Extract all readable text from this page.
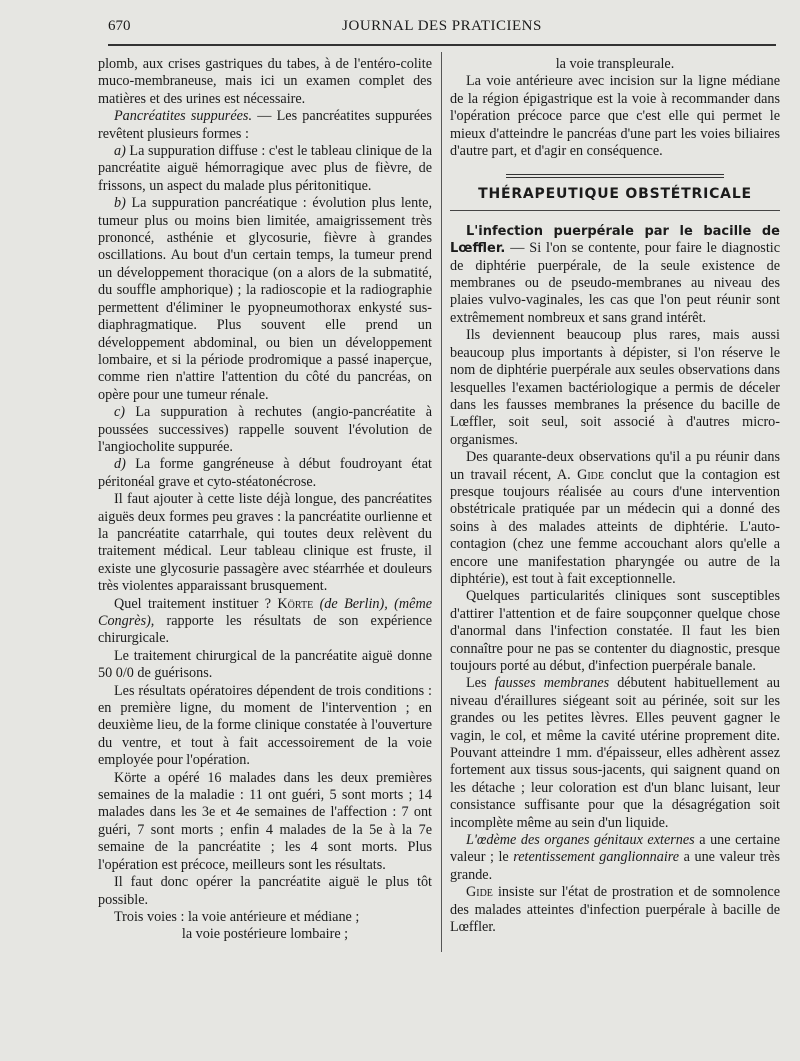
670	JOURNAL DES PRATICIENS

plomb, aux crises gastriques du tabes, à de l'entéro-colite muco-membraneuse, mais ici un examen complet des matières et des urines est nécessaire.

Pancréatites suppurées. — Les pancréatites suppurées revêtent plusieurs formes :

a) La suppuration diffuse : c'est le tableau clinique de la pancréatite aiguë hémorragique avec plus de fièvre, de frissons, un aspect du malade plus péritonitique.

b) La suppuration pancréatique : évolution plus lente, tumeur plus ou moins bien limitée, amaigrissement très prononcé, asthénie et glycosurie, fièvre à grandes oscillations. Au bout d'un certain temps, la tumeur prend un développement thoracique (on a alors de la submatité, du souffle amphorique) ; la radioscopie et la radiographie permettent d'éliminer le pyopneumothorax enkysté sus-diaphragmatique. Plus souvent elle prend un développement abdominal, ou bien un développement lombaire, et si la période prodromique a passé inaperçue, comme rien n'attire l'attention du côté du pancréas, on opère pour une tumeur rénale.

c) La suppuration à rechutes (angio-pancréatite à poussées successives) rappelle souvent l'évolution de l'angiocholite suppurée.

d) La forme gangréneuse à début foudroyant état péritonéal grave et cyto-stéatonécrose.

Il faut ajouter à cette liste déjà longue, des pancréatites aiguës deux formes peu graves : la pancréatite ourlienne et la pancréatite catarrhale, qui toutes deux relèvent du traitement médical. Leur tableau clinique est fruste, il existe une glycosurie passagère avec stéarrhée et douleurs très violentes apparaissant brusquement.

Quel traitement instituer ? Körte (de Berlin), (même Congrès), rapporte les résultats de son expérience chirurgicale.

Le traitement chirurgical de la pancréatite aiguë donne 50 0/0 de guérisons.

Les résultats opératoires dépendent de trois conditions : en première ligne, du moment de l'intervention ; en deuxième lieu, de la forme clinique constatée à l'ouverture du ventre, et tout à fait accessoirement de la voie employée pour l'opération.

Körte a opéré 16 malades dans les deux premières semaines de la maladie : 11 ont guéri, 5 sont morts ; 14 malades dans les 3e et 4e semaines de l'affection : 7 ont guéri, 7 sont morts ; enfin 4 malades de la 5e à la 7e semaine de la pancréatite ; les 4 sont morts. Plus l'opération est précoce, meilleurs sont les résultats.

Il faut donc opérer la pancréatite aiguë le plus tôt possible.

Trois voies : la voie antérieure et médiane ;

la voie postérieure lombaire ;

la voie transpleurale.

La voie antérieure avec incision sur la ligne médiane de la région épigastrique est la voie à recommander dans l'opération précoce parce que c'est elle qui permet le mieux d'atteindre le pancréas d'une part les voies biliaires d'autre part, et d'agir en conséquence.

THÉRAPEUTIQUE OBSTÉTRICALE

L'infection puerpérale par le bacille de Lœffler. — Si l'on se contente, pour faire le diagnostic de diphtérie puerpérale, de la seule existence de membranes ou de pseudo-membranes au niveau des plaies vulvo-vaginales, les cas que l'on peut réunir sont extrêmement nombreux et sans grand intérêt.

Ils deviennent beaucoup plus rares, mais aussi beaucoup plus importants à dépister, si l'on réserve le nom de diphtérie puerpérale aux seules observations dans lesquelles l'examen bactériologique a permis de déceler dans les fausses membranes la présence du bacille de Lœffler, soit seul, soit associé à d'autres micro-organismes.

Des quarante-deux observations qu'il a pu réunir dans un travail récent, A. Gide conclut que la contagion est presque toujours réalisée au cours d'une intervention obstétricale pratiquée par un médecin qui a donné des soins à des malades atteints de diphtérie. L'auto-contagion (chez une femme accouchant alors qu'elle a encore une manifestation pharyngée ou autre de la diphtérie), est tout à fait exceptionnelle.

Quelques particularités cliniques sont susceptibles d'attirer l'attention et de faire soupçonner quelque chose d'anormal dans l'infection constatée. Il faut les bien connaître pour ne pas se contenter du diagnostic, presque toujours porté au début, d'infection puerpérale banale.

Les fausses membranes débutent habituellement au niveau d'éraillures siégeant soit au périnée, soit sur les grandes ou les petites lèvres. Elles peuvent gagner le vagin, le col, et même la cavité utérine proprement dite. Pouvant atteindre 1 mm. d'épaisseur, elles adhèrent assez fortement aux tissus sous-jacents, qui saignent quand on les détache ; leur coloration est d'un blanc luisant, leur consistance suffisante pour que la désagrégation soit incomplète même au sein d'un liquide.

L'œdème des organes génitaux externes a une certaine valeur ; le retentissement ganglionnaire a une valeur très grande.

Gide insiste sur l'état de prostration et de somnolence des malades atteintes d'infection puerpérale à bacille de Lœffler.
